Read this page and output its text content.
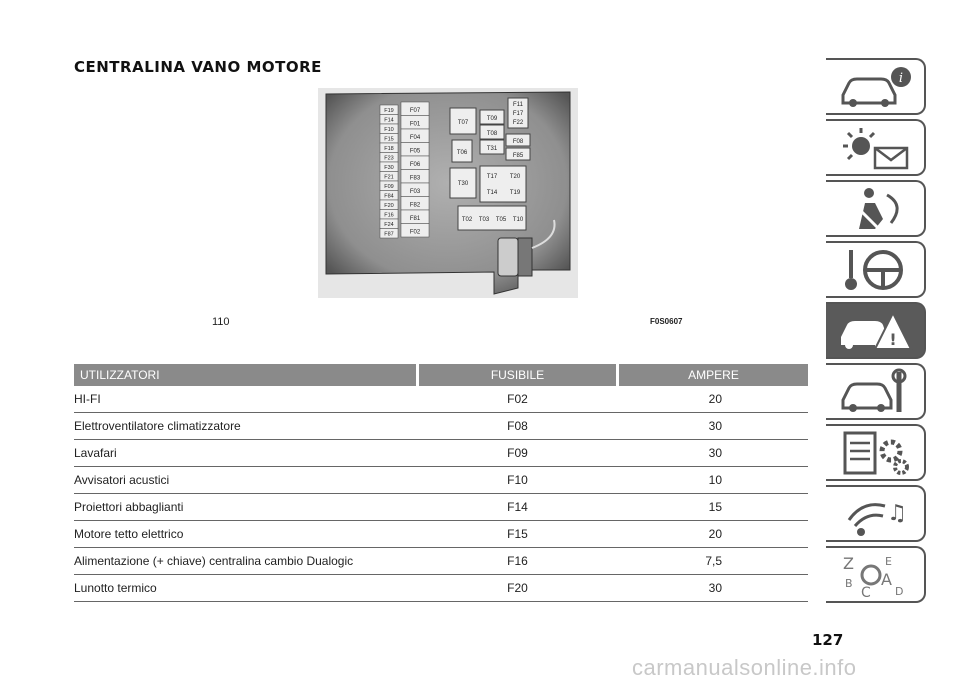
CENTRALINA VANO MOTORE
F19
F14
F10
F15
F18
F23
F30
F21
F09
F84
F20
F16
F24
F87
F07
F01
F04
F05
F06
F83
F03
F82
F81
F02
T07
T06
T30
T09
T08
T31
T17 T20
T14 T19
T02 T03 T05 T10
F11
F17
F22
F08
F85
110	F0S0607
UTILIZZATORI	FUSIBILE	AMPERE
HI-FI	F02	20
Elettroventilatore climatizzatore	F08	30
Lavafari	F09	30
Avvisatori acustici	F10	10
Proiettori abbaglianti	F14	15
Motore tetto elettrico	F15	20
Alimentazione (+ chiave) centralina cambio Dualogic	F16	7,5
Lunotto termico	F20	30
i
!
♫
Z	E
B A
C D
127
carmanualsonline.info
